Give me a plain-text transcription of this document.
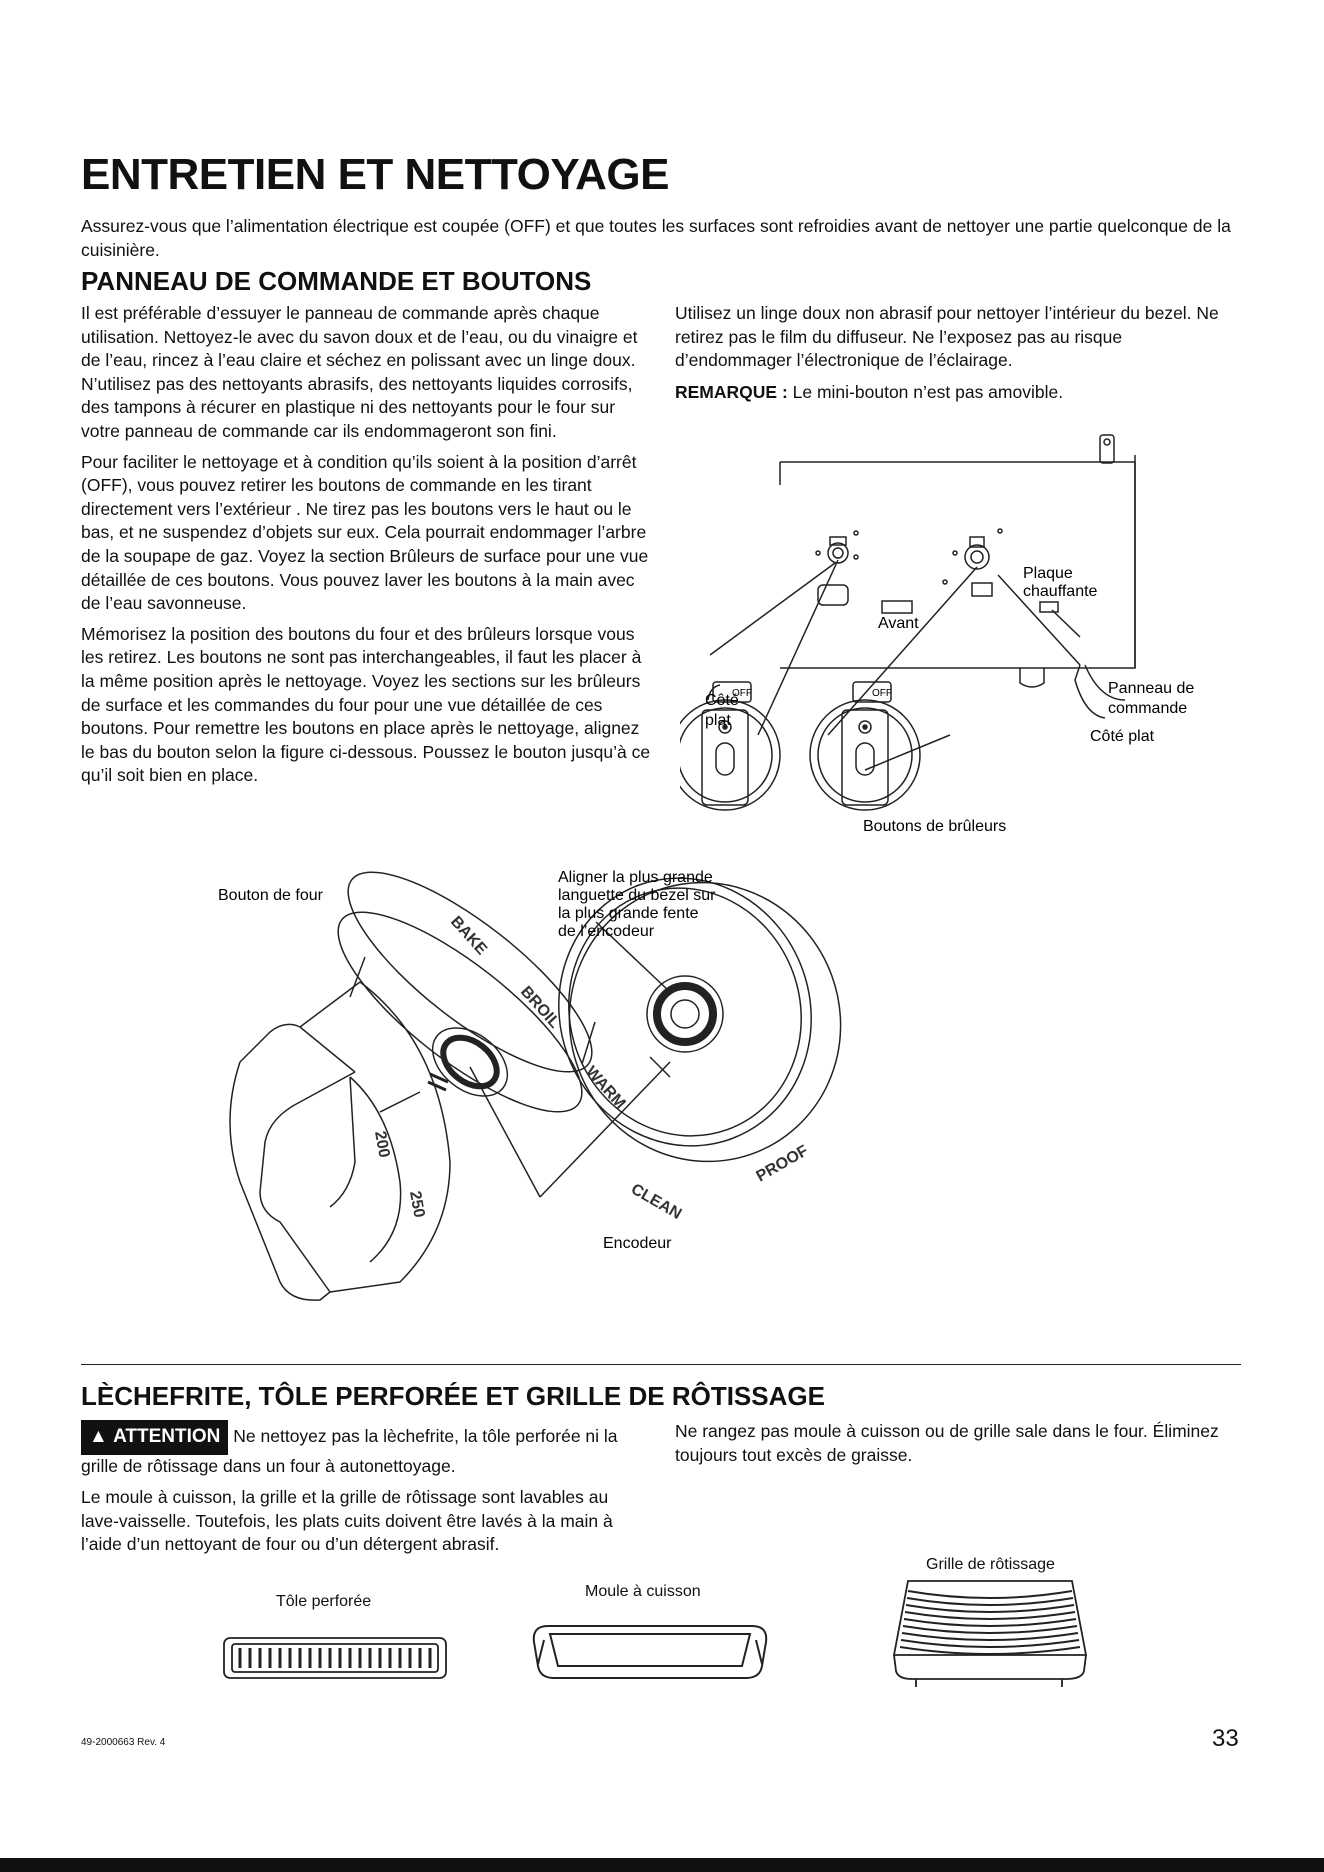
ENTRETIEN ET NETTOYAGE

Assurez-vous que l’alimentation électrique est coupée (OFF) et que toutes les surfaces sont refroidies avant de nettoyer une partie quelconque de la cuisinière.

PANNEAU DE COMMANDE ET BOUTONS

Il est préférable d’essuyer le panneau de commande après chaque utilisation. Nettoyez-le avec du savon doux et de l’eau, ou du vinaigre et de l’eau, rincez à l’eau claire et séchez en polissant avec un linge doux. N’utilisez pas des nettoyants abrasifs, des nettoyants liquides corrosifs, des tampons à récurer en plastique ni des nettoyants pour le four sur votre panneau de commande car ils endommageront son fini.

Pour faciliter le nettoyage et à condition qu’ils soient à la position d’arrêt (OFF), vous pouvez retirer les boutons de commande en les tirant directement vers l’extérieur . Ne tirez pas les boutons vers le haut ou le bas, et ne suspendez d’objets sur eux. Cela pourrait endommager l’arbre de la soupape de gaz. Voyez la section Brûleurs de surface pour une vue détaillée de ces boutons. Vous pouvez laver les boutons à la main avec de l’eau savonneuse.

Mémorisez la position des boutons du four et des brûleurs lorsque vous les retirez. Les boutons ne sont pas interchangeables, il faut les placer à la même position après le nettoyage. Voyez les sections sur les brûleurs de surface et les commandes du four pour une vue détaillée de ces boutons. Pour remettre les boutons en place après le nettoyage, alignez le bas du bouton selon la figure ci-dessous. Poussez le bouton jusqu’à ce qu’il soit bien en place.

Utilisez un linge doux non abrasif pour nettoyer l’intérieur du bezel. Ne retirez pas le film du diffuseur. Ne l’exposez pas au risque d’endommager l’électronique de l’éclairage.

REMARQUE : Le mini-bouton n’est pas amovible.

OFF	OFF
Plaque
chauffante
Avant
Côté
plat
Panneau de
commande
Côté plat
Boutons de brûleurs
BAKE
BROIL
WARM
PROOF
CLEAN
200
250
Bouton de four
Aligner la plus grande
languette du bezel sur
la plus grande fente
de l’encodeur
Encodeur
LÈCHEFRITE, TÔLE PERFORÉE ET GRILLE DE RÔTISSAGE

▲ ATTENTION Ne nettoyez pas la lèchefrite, la tôle perforée ni la grille de rôtissage dans un four à autonettoyage.

Le moule à cuisson, la grille et la grille de rôtissage sont lavables au lave-vaisselle. Toutefois, les plats cuits doivent être lavés à la main à l’aide d’un nettoyant de four ou d’un détergent abrasif.

Ne rangez pas moule à cuisson ou de grille sale dans le four. Éliminez toujours tout excès de graisse.

Tôle perforée
Moule à cuisson
Grille de rôtissage
49-2000663 Rev. 4	33
